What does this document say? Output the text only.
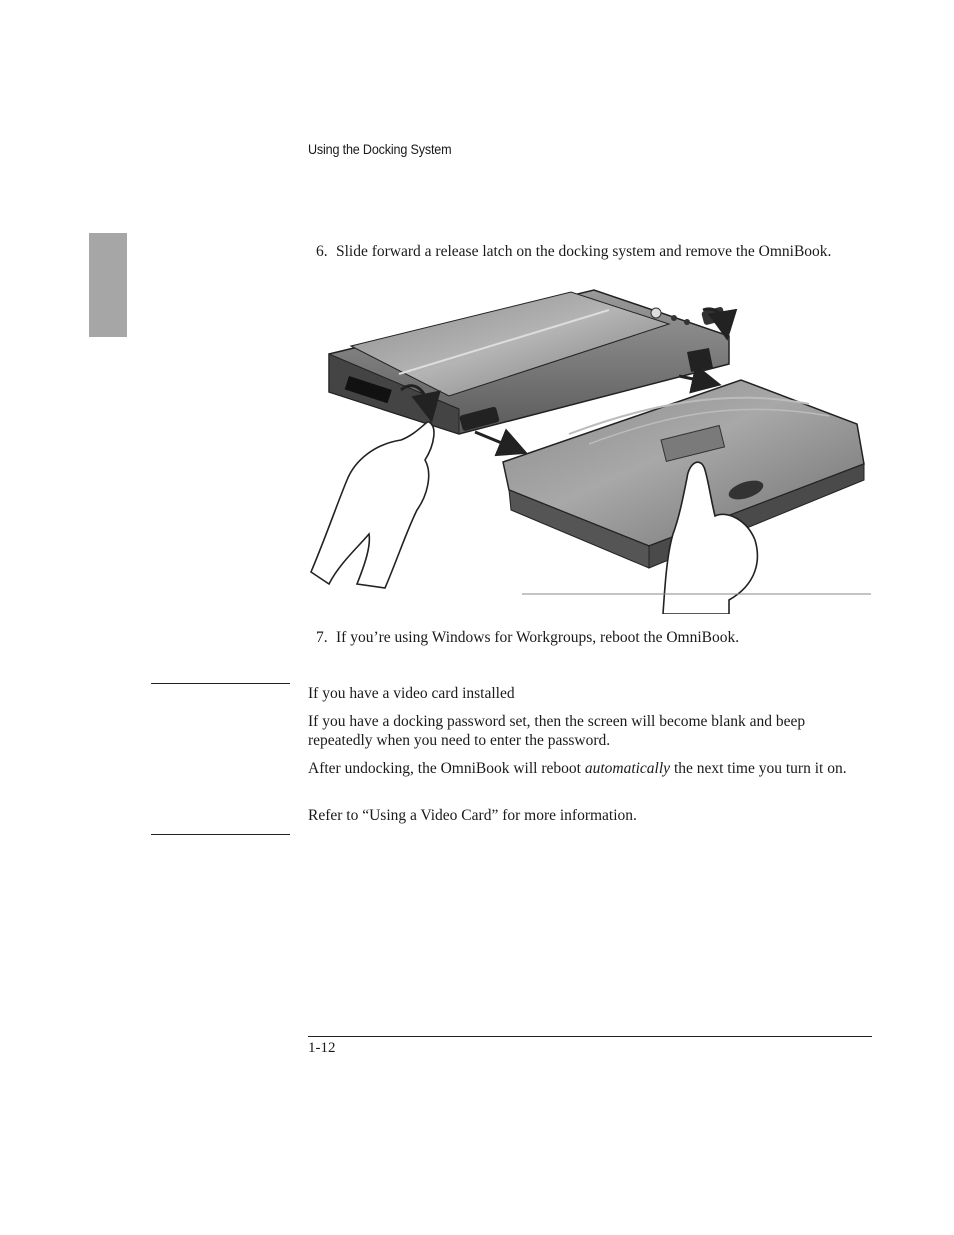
Using the Docking System
6. Slide forward a release latch on the docking system and remove the OmniBook.
7. If you’re using Windows for Workgroups, reboot the OmniBook.
If you have a video card installed
If you have a docking password set, then the screen will become blank and beep repeatedly when you need to enter the password.
After undocking, the OmniBook will reboot automatically the next time you turn it on.
Refer to “Using a Video Card” for more information.
1-12
